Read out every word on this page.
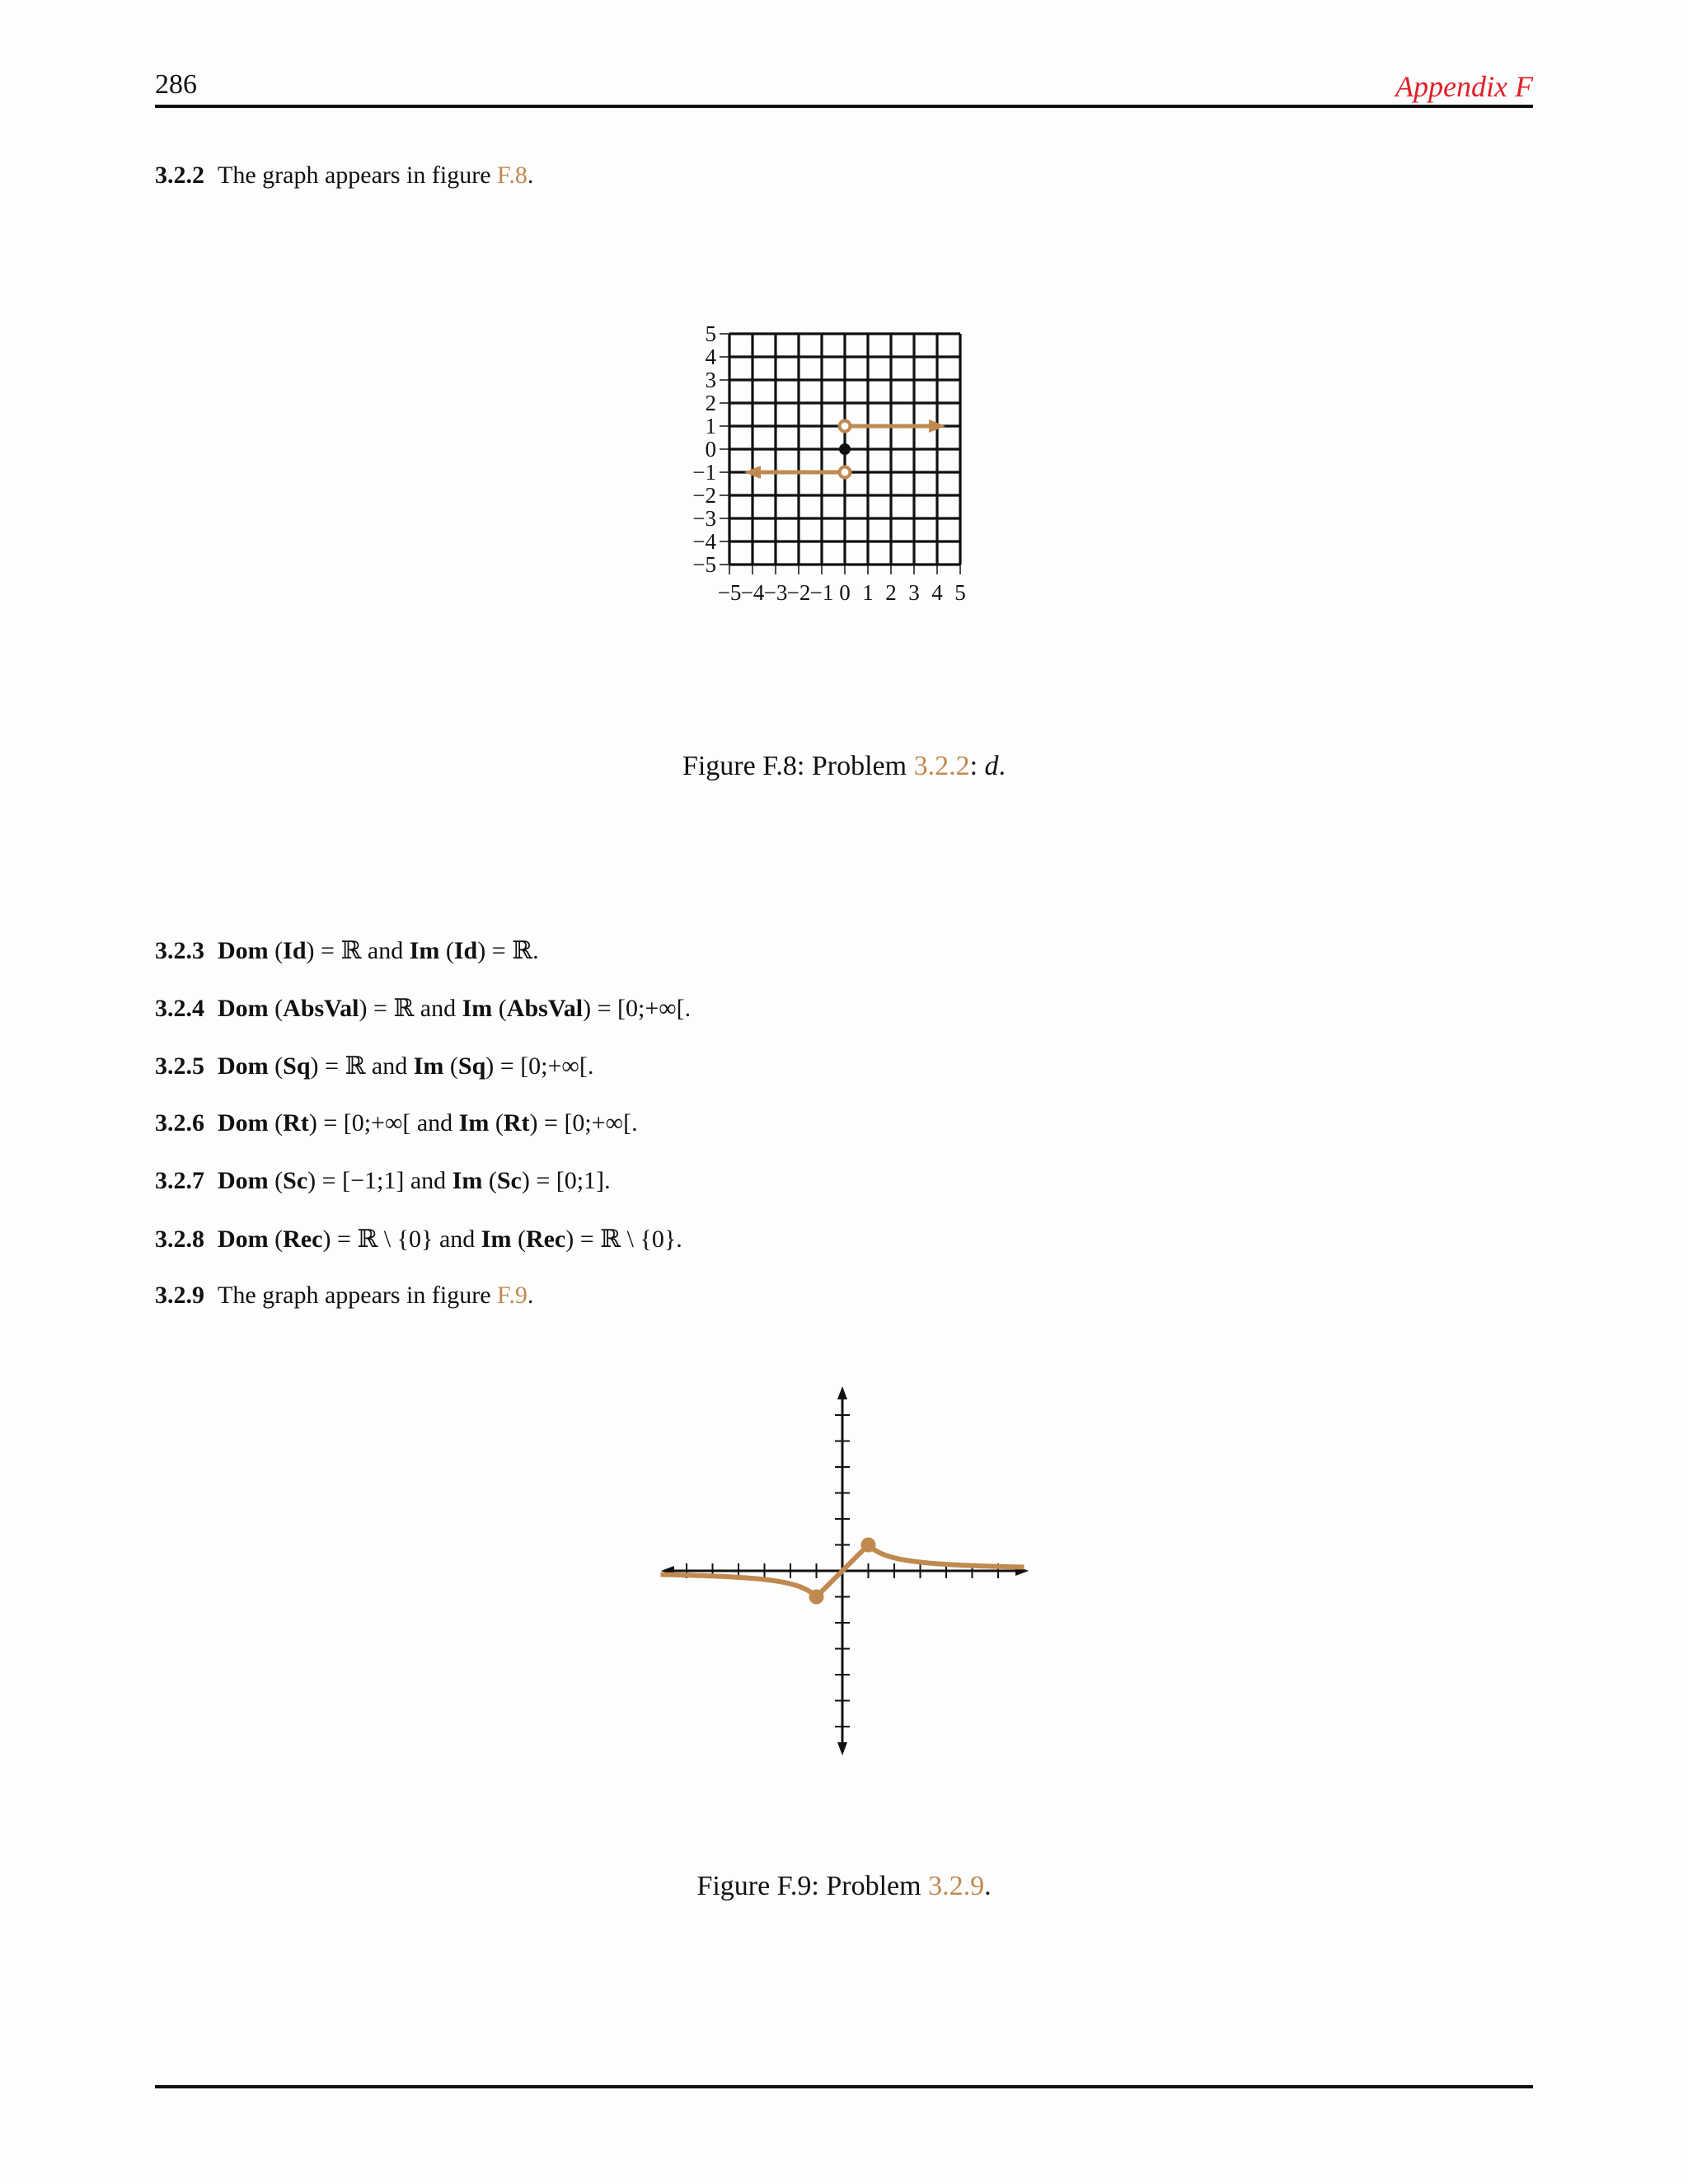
286	Appendix F
3.2.2 The graph appears in figure F.8.
5
4
3
2
1
0
−1
−2
−3
−4
−5
−5 −4 −3 −2 −1 0 1 2 3 4 5
Figure F.8: Problem 3.2.2: d.
3.2.3 Dom (Id) = ℝ and Im (Id) = ℝ.
3.2.4 Dom (AbsVal) = ℝ and Im (AbsVal) = [0;+∞[.
3.2.5 Dom (Sq) = ℝ and Im (Sq) = [0;+∞[.
3.2.6 Dom (Rt) = [0;+∞[ and Im (Rt) = [0;+∞[.
3.2.7 Dom (Sc) = [−1;1] and Im (Sc) = [0;1].
3.2.8 Dom (Rec) = ℝ \ {0} and Im (Rec) = ℝ \ {0}.
3.2.9 The graph appears in figure F.9.
Figure F.9: Problem 3.2.9.
